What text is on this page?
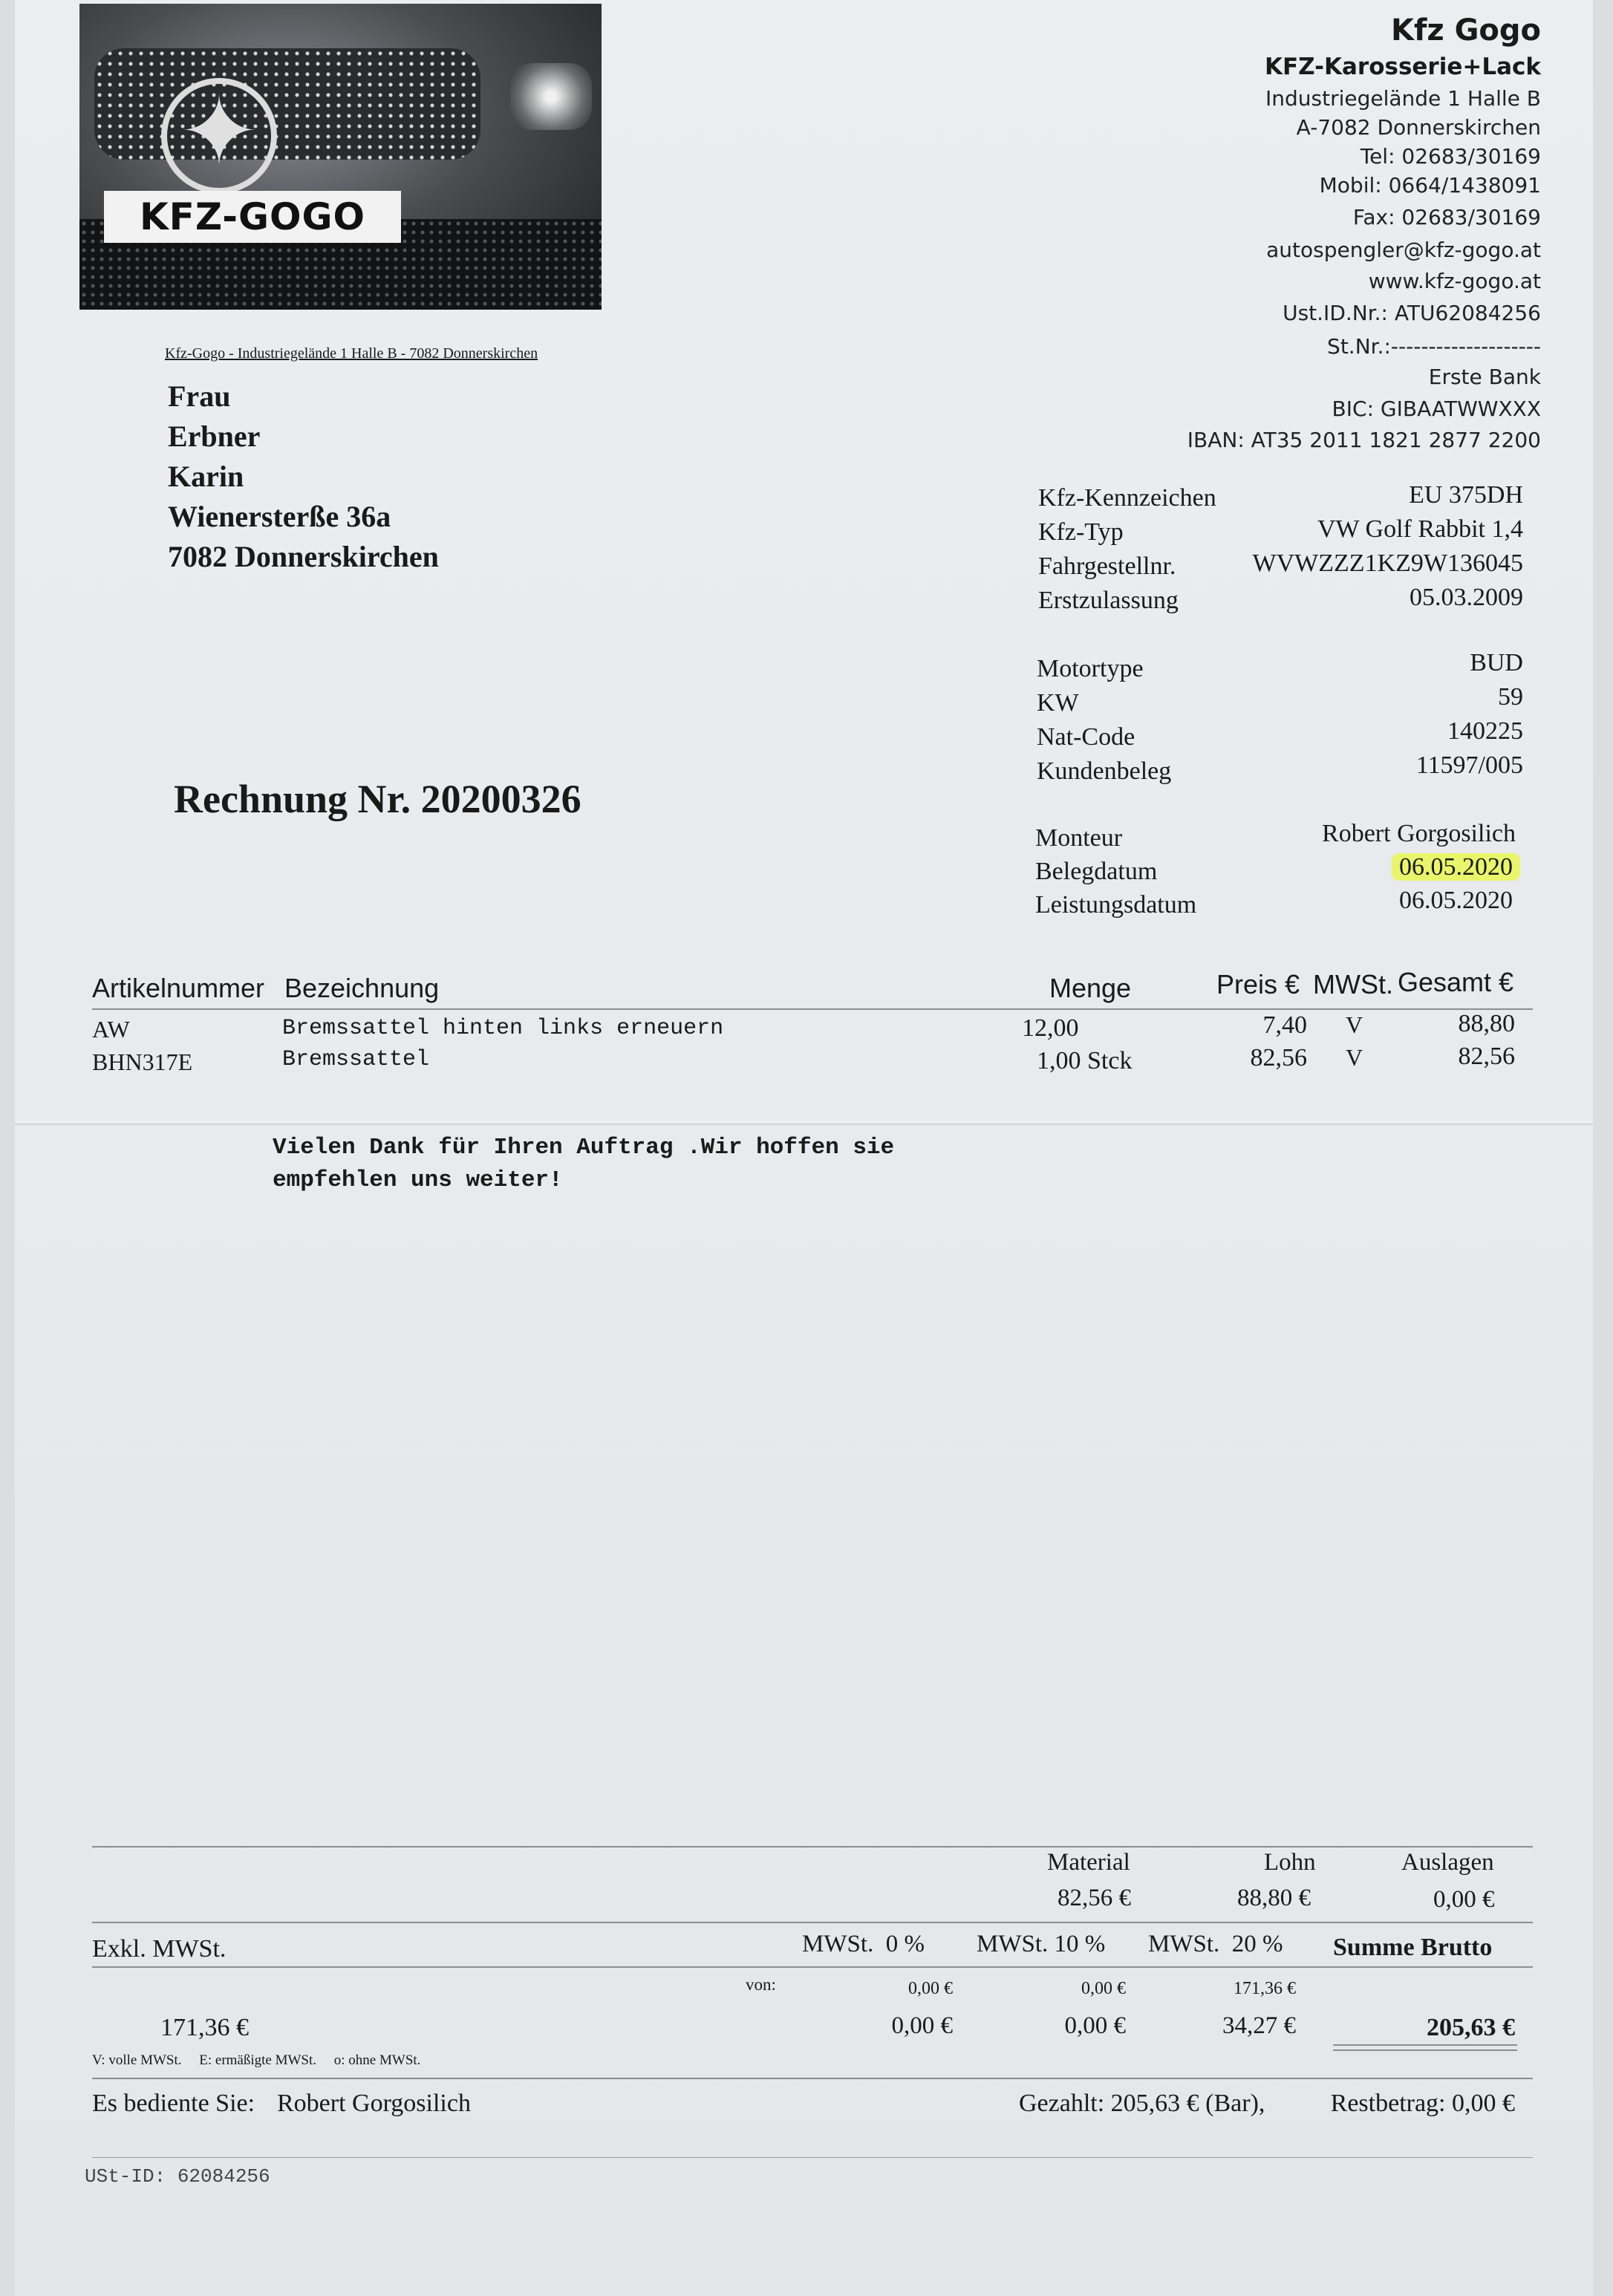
✦
KFZ-GOGO
Kfz Gogo
KFZ-Karosserie+Lack
Industriegelände 1 Halle B
A-7082 Donnerskirchen
Tel: 02683/30169
Mobil: 0664/1438091
Fax: 02683/30169
autospengler@kfz-gogo.at
www.kfz-gogo.at
Ust.ID.Nr.: ATU62084256
St.Nr.:--------------------
Erste Bank
BIC: GIBAATWWXXX
IBAN: AT35 2011 1821 2877 2200
Kfz-Gogo - Industriegelände 1 Halle B - 7082 Donnerskirchen
Frau
Erbner
Karin
Wienersterße 36a
7082 Donnerskirchen
Rechnung Nr. 20200326
Kfz-Kennzeichen	EU 375DH
Kfz-Typ	VW Golf Rabbit 1,4
Fahrgestellnr.	WVWZZZ1KZ9W136045
Erstzulassung	05.03.2009
Motortype	BUD
KW	59
Nat-Code	140225
Kundenbeleg	11597/005
Monteur	Robert Gorgosilich
Belegdatum	06.05.2020
Leistungsdatum	06.05.2020
Artikelnummer Bezeichnung	Menge	Preis € MWSt. Gesamt €
AW	Bremssattel hinten links erneuern	12,00	7,40 V	88,80
BHN317E	Bremssattel	1,00 Stck	82,56 V	82,56
Vielen Dank für Ihren Auftrag .Wir hoffen sie
empfehlen uns weiter!
Material	Lohn	Auslagen
82,56 €	88,80 €	0,00 €
Exkl. MWSt.	MWSt.  0 % MWSt. 10 % MWSt.  20 % Summe Brutto
von:	0,00 €	0,00 €	171,36 €
171,36 €	0,00 €	0,00 €	34,27 €	205,63 €
V: volle MWSt.     E: ermäßigte MWSt.     o: ohne MWSt.
Es bediente Sie: Robert Gorgosilich	Gezahlt: 205,63 € (Bar),	Restbetrag: 0,00 €
USt-ID: 62084256
